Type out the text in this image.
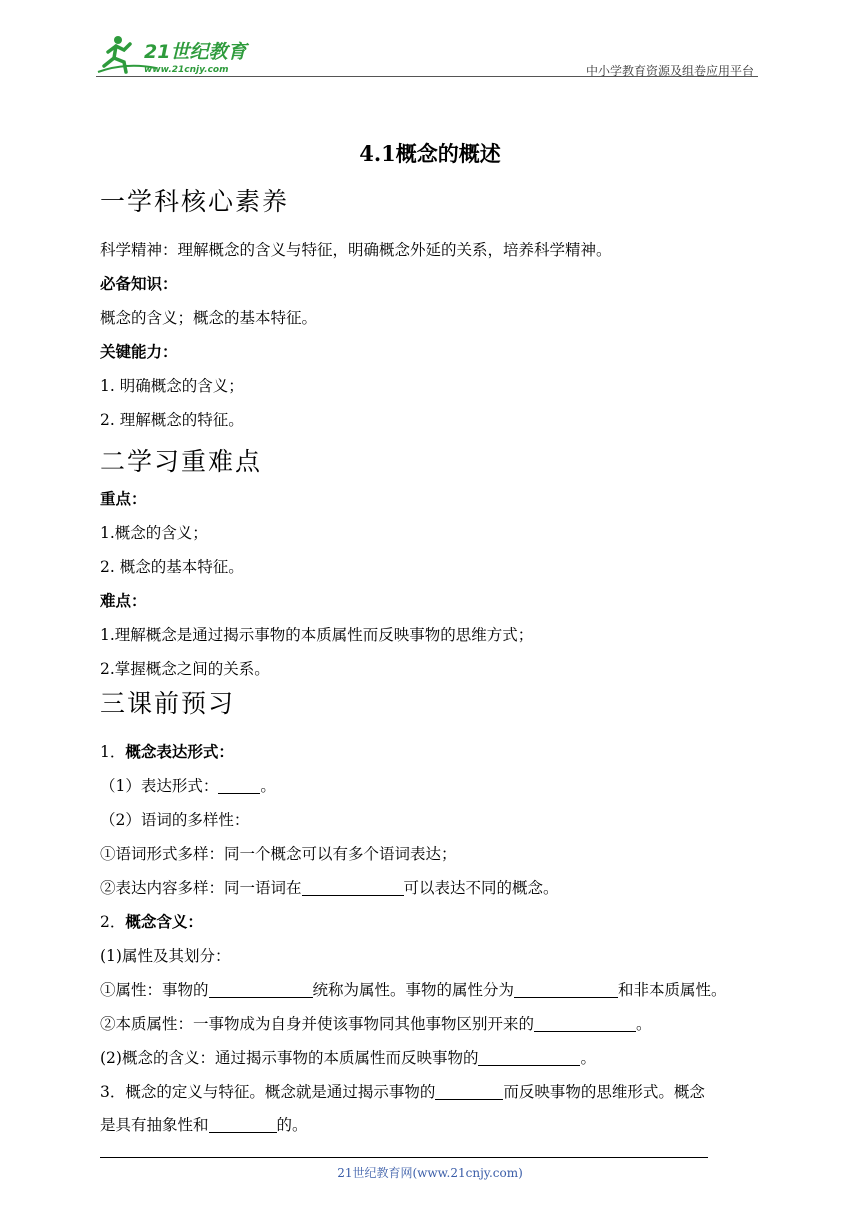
21世纪教育
www.21cnjy.com	中小学教育资源及组卷应用平台
4.1概念的概述
一学科核心素养
科学精神：理解概念的含义与特征，明确概念外延的关系，培养科学精神。
必备知识：
概念的含义；概念的基本特征。
关键能力：
1. 明确概念的含义；
2. 理解概念的特征。
二学习重难点
重点：
1.概念的含义；
2. 概念的基本特征。
难点：
1.理解概念是通过揭示事物的本质属性而反映事物的思维方式；
2.掌握概念之间的关系。
三课前预习
1．概念表达形式：
（1）表达形式：	。
（2）语词的多样性：
①语词形式多样：同一个概念可以有多个语词表达；
②表达内容多样：同一语词在	可以表达不同的概念。
2．概念含义：
(1)属性及其划分：
①属性：事物的	统称为属性。事物的属性分为	和非本质属性。
②本质属性：一事物成为自身并使该事物同其他事物区别开来的	。
(2)概念的含义：通过揭示事物的本质属性而反映事物的	。
3．概念的定义与特征。概念就是通过揭示事物的	而反映事物的思维形式。概念
是具有抽象性和	的。
21世纪教育网(www.21cnjy.com)
